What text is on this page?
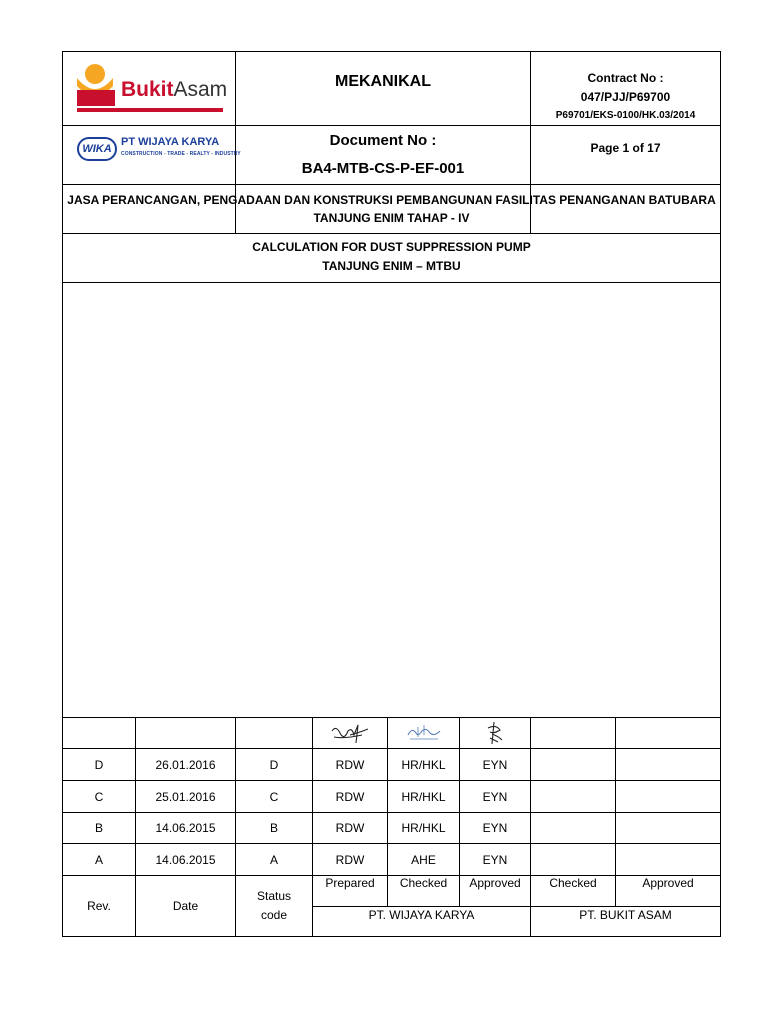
BukitAsam
WIKA
PT WIJAYA KARYA
CONSTRUCTION - TRADE - REALTY - INDUSTRY
MEKANIKAL
Document No :
BA4-MTB-CS-P-EF-001
Contract No :
047/PJJ/P69700
P69701/EKS-0100/HK.03/2014
Page 1 of 17
JASA PERANCANGAN, PENGADAAN DAN KONSTRUKSI PEMBANGUNAN FASILITAS PENANGANAN BATUBARA
TANJUNG ENIM TAHAP - IV
CALCULATION FOR DUST SUPPRESSION PUMP
TANJUNG ENIM – MTBU
D	26.01.2016	D	RDW	HR/HKL	EYN
C	25.01.2016	C	RDW	HR/HKL	EYN
B	14.06.2015	B	RDW	HR/HKL	EYN
A	14.06.2015	A	RDW	AHE	EYN
Rev.	Date
Status
code
Prepared	Checked	Approved	Checked	Approved
PT. WIJAYA KARYA	PT. BUKIT ASAM
